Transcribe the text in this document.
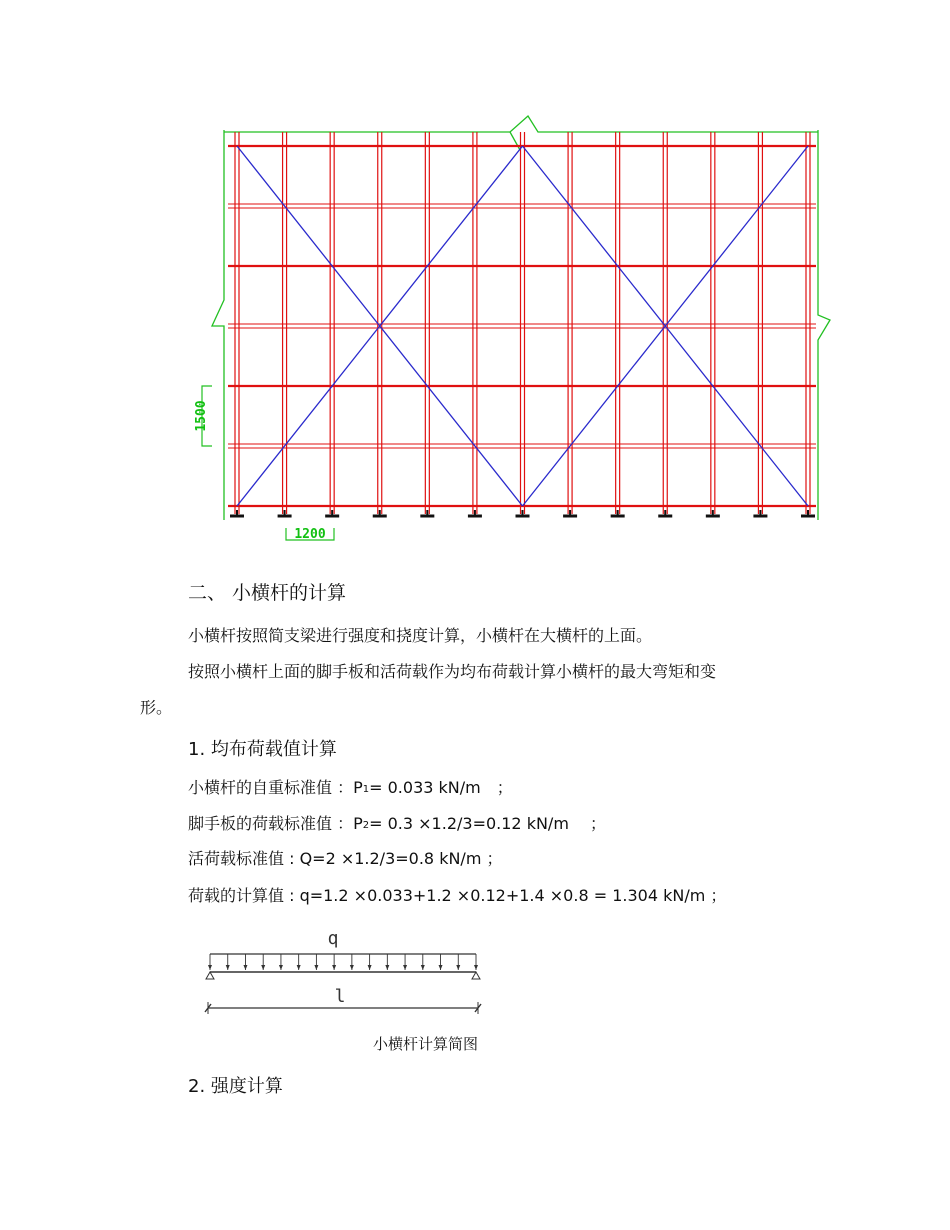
1500
1200
二、 小横杆的计算
小横杆按照简支梁进行强度和挠度计算，小横杆在大横杆的上面。
按照小横杆上面的脚手板和活荷载作为均布荷载计算小横杆的最大弯矩和变
形。
1. 均布荷载值计算
小横杆的自重标准值 ：$P_1= 0.033$ kN/m　；
脚手板的荷载标准值 ：$P_2= 0.3 \times 1.2/3=0.12$ kN/m　 ；
活荷载标准值 : Q=2 ×1.2/3=0.8 kN/m ；
荷载的计算值 : q=1.2 ×0.033+1.2 ×0.12+1.4 ×0.8 = 1.304 kN/m ；
q
l
小横杆计算简图
2. 强度计算
